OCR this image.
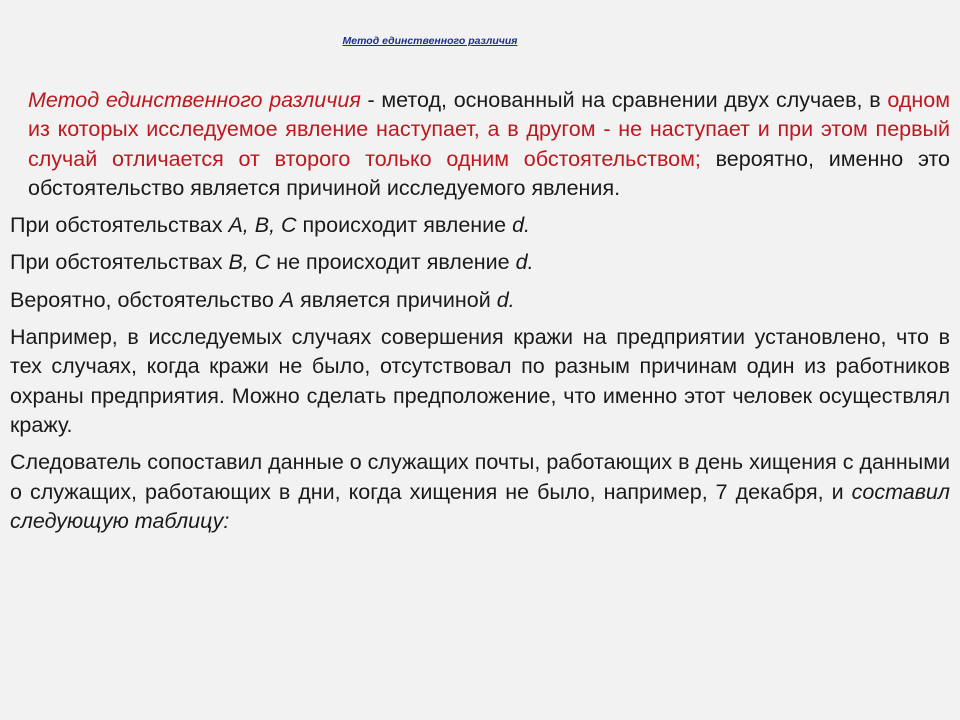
Метод единственного различия

Метод единственного различия - метод, основанный на сравнении двух случаев, в одном из которых исследуемое явление наступает, а в другом - не наступает и при этом первый случай отличается от второго только одним обстоятельством; вероятно, именно это обстоятельство является причиной исследуемого явления.

При обстоятельствах А, В, С происходит явление d.

При обстоятельствах В, С не происходит явление d.

Вероятно, обстоятельство А является причиной d.

Например, в исследуемых случаях совершения кражи на предприятии установлено, что в тех случаях, когда кражи не было, отсутствовал по разным причинам один из работников охраны предприятия. Можно сделать предположение, что именно этот человек осуществлял кражу.

Следователь сопоставил данные о служащих почты, работающих в день хищения с данными о служащих, работающих в дни, когда хищения не было, например, 7 декабря, и составил следующую таблицу:
